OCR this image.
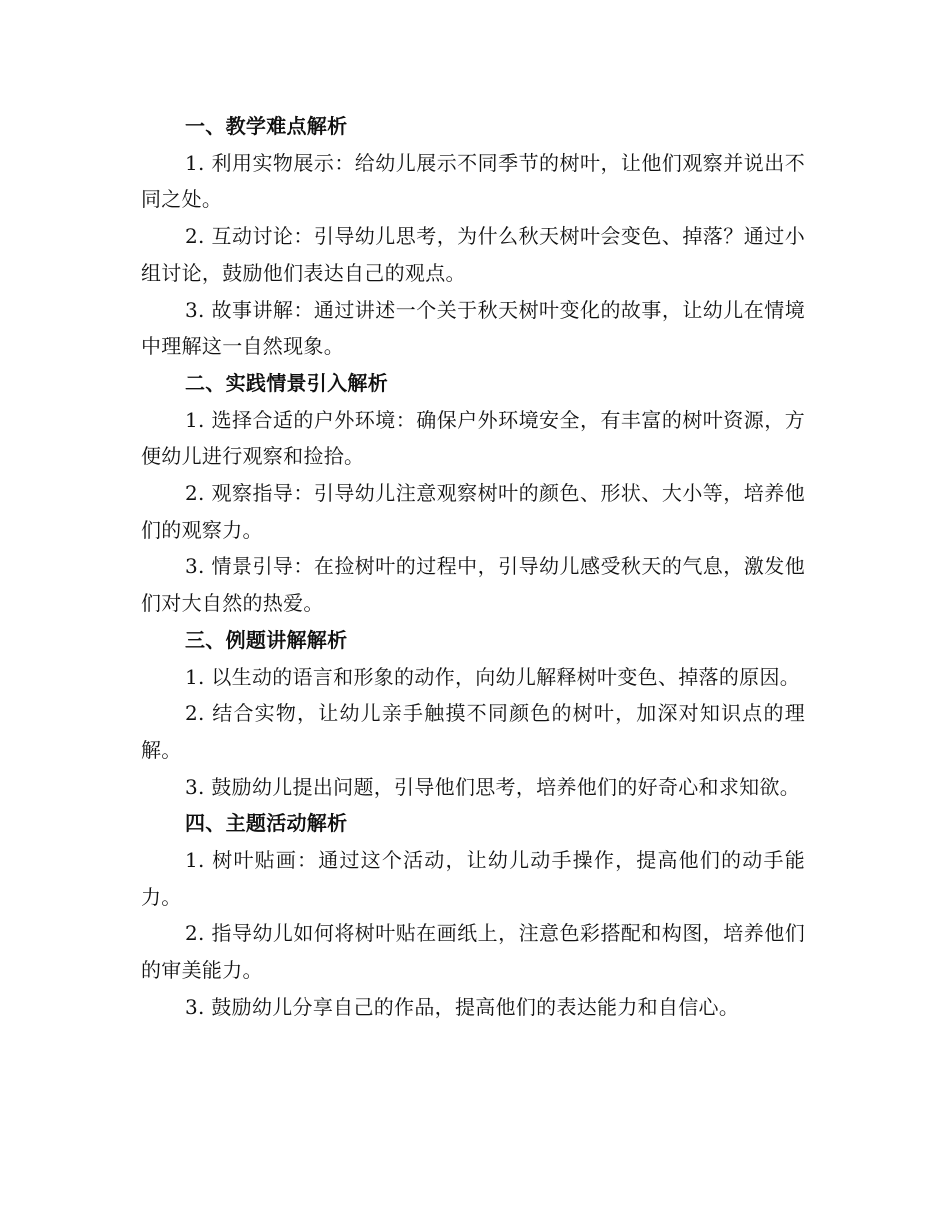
一、教学难点解析

1. 利用实物展示：给幼儿展示不同季节的树叶，让他们观察并说出不同之处。

2. 互动讨论：引导幼儿思考，为什么秋天树叶会变色、掉落？通过小组讨论，鼓励他们表达自己的观点。

3. 故事讲解：通过讲述一个关于秋天树叶变化的故事，让幼儿在情境中理解这一自然现象。

二、实践情景引入解析

1. 选择合适的户外环境：确保户外环境安全，有丰富的树叶资源，方便幼儿进行观察和捡拾。

2. 观察指导：引导幼儿注意观察树叶的颜色、形状、大小等，培养他们的观察力。

3. 情景引导：在捡树叶的过程中，引导幼儿感受秋天的气息，激发他们对大自然的热爱。

三、例题讲解解析

1. 以生动的语言和形象的动作，向幼儿解释树叶变色、掉落的原因。

2. 结合实物，让幼儿亲手触摸不同颜色的树叶，加深对知识点的理解。

3. 鼓励幼儿提出问题，引导他们思考，培养他们的好奇心和求知欲。

四、主题活动解析

1. 树叶贴画：通过这个活动，让幼儿动手操作，提高他们的动手能力。

2. 指导幼儿如何将树叶贴在画纸上，注意色彩搭配和构图，培养他们的审美能力。

3. 鼓励幼儿分享自己的作品，提高他们的表达能力和自信心。
